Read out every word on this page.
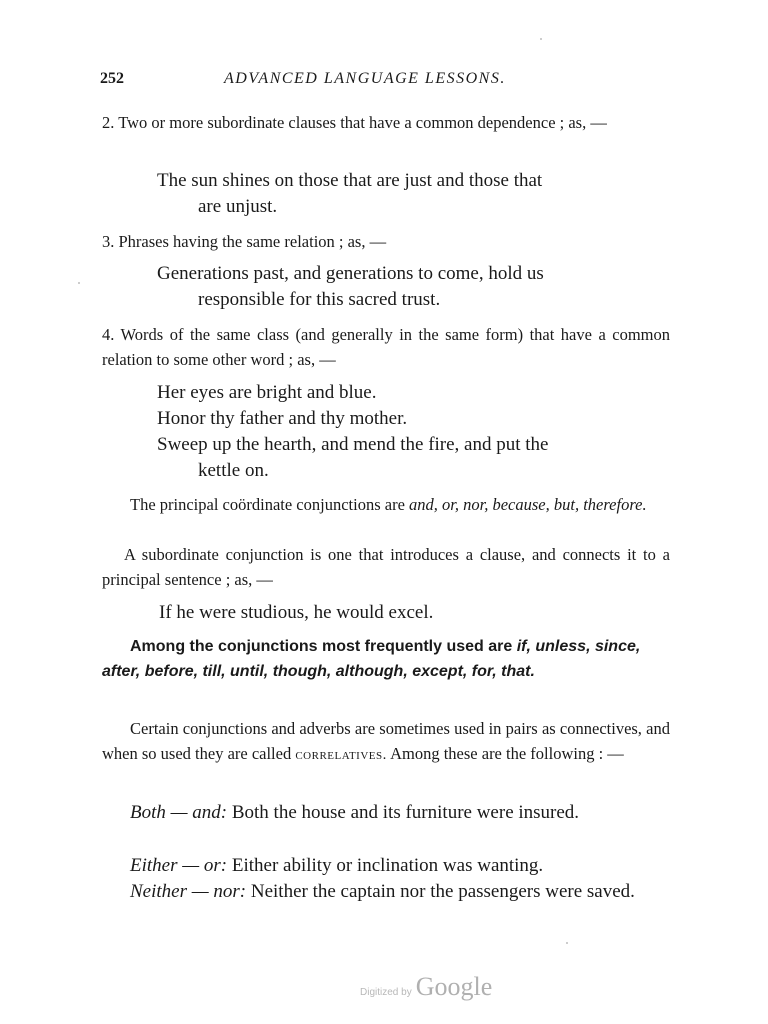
252	ADVANCED LANGUAGE LESSONS.
2. Two or more subordinate clauses that have a common dependence ; as, —
The sun shines on those that are just and those that
are unjust.
3. Phrases having the same relation ; as, —
Generations past, and generations to come, hold us
responsible for this sacred trust.
4. Words of the same class (and generally in the same form) that have a common relation to some other word ; as, —
Her eyes are bright and blue.
Honor thy father and thy mother.
Sweep up the hearth, and mend the fire, and put the
kettle on.
The principal coördinate conjunctions are and, or, nor, because, but, therefore.
A subordinate conjunction is one that introduces a clause, and connects it to a principal sentence ; as, —
If he were studious, he would excel.
Among the conjunctions most frequently used are if, unless, since, after, before, till, until, though, although, except, for, that.
Certain conjunctions and adverbs are sometimes used in pairs as connectives, and when so used they are called correlatives. Among these are the following : —
Both — and: Both the house and its furniture were insured.
Either — or: Either ability or inclination was wanting.
Neither — nor: Neither the captain nor the passengers were saved.
Digitized by Google
